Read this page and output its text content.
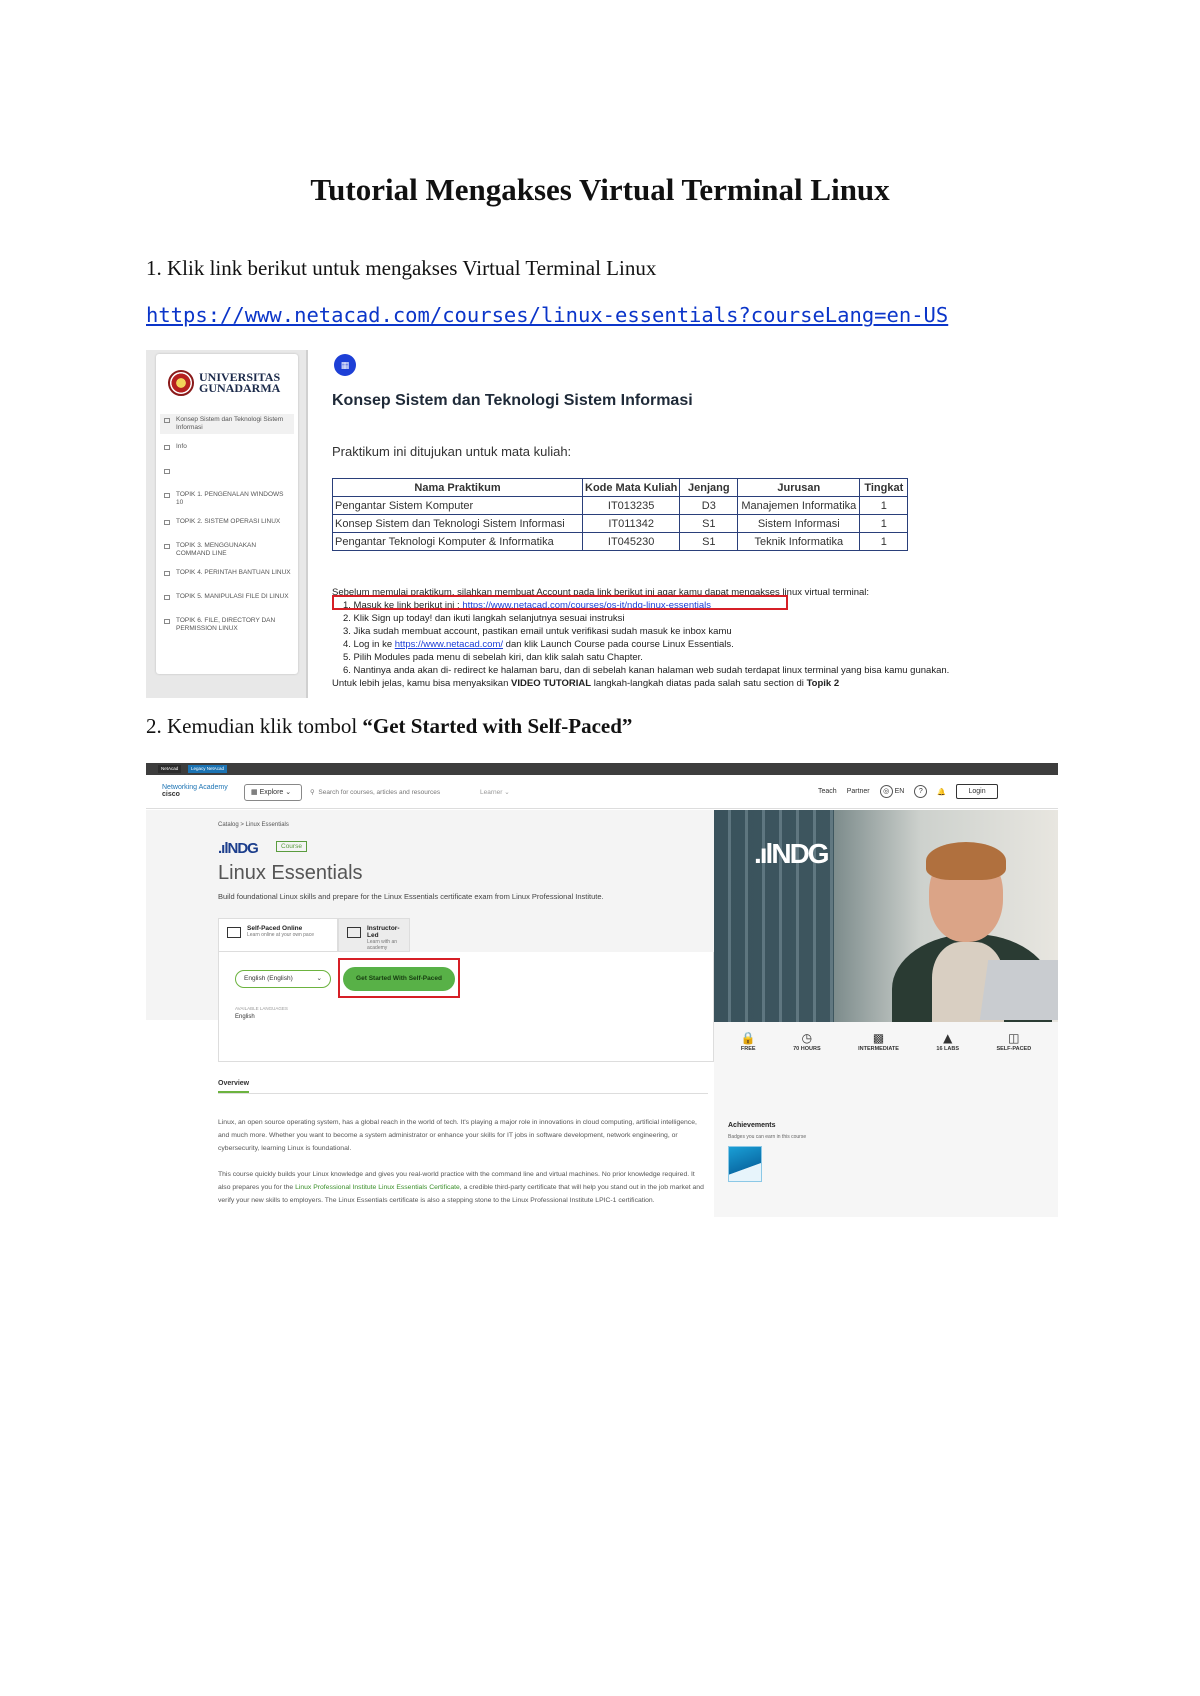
Tutorial Mengakses Virtual Terminal Linux

1. Klik link berikut untuk mengakses Virtual Terminal Linux

https://www.netacad.com/courses/linux-essentials?courseLang=en-US
UNIVERSITAS
GUNADARMA
Konsep Sistem dan Teknologi Sistem Informasi
Info
TOPIK 1. PENGENALAN WINDOWS 10
TOPIK 2. SISTEM OPERASI LINUX
TOPIK 3. MENGGUNAKAN COMMAND LINE
TOPIK 4. PERINTAH BANTUAN LINUX
TOPIK 5. MANIPULASI FILE DI LINUX
TOPIK 6. FILE, DIRECTORY DAN PERMISSION LINUX
▦
Konsep Sistem dan Teknologi Sistem Informasi

Praktikum ini ditujukan untuk mata kuliah:

Nama Praktikum	Kode Mata Kuliah	Jenjang	Jurusan	Tingkat
Pengantar Sistem Komputer	IT013235	D3	Manajemen Informatika	1
Konsep Sistem dan Teknologi Sistem Informasi	IT011342	S1	Sistem Informasi	1
Pengantar Teknologi Komputer & Informatika	IT045230	S1	Teknik Informatika	1
Sebelum memulai praktikum, silahkan membuat Account pada link berikut ini agar kamu dapat mengakses linux virtual terminal:
1. Masuk ke link berikut ini : https://www.netacad.com/courses/os-it/ndg-linux-essentials
2. Klik Sign up today! dan ikuti langkah selanjutnya sesuai instruksi
3. Jika sudah membuat account, pastikan email untuk verifikasi sudah masuk ke inbox kamu
4. Log in ke https://www.netacad.com/ dan klik Launch Course pada course Linux Essentials.
5. Pilih Modules pada menu di sebelah kiri, dan klik salah satu Chapter.
6. Nantinya anda akan di- redirect ke halaman baru, dan di sebelah kanan halaman web sudah terdapat linux terminal yang bisa kamu gunakan.
Untuk lebih jelas, kamu bisa menyaksikan VIDEO TUTORIAL langkah-langkah diatas pada salah satu section di Topik 2

2. Kemudian klik tombol “Get Started with Self-Paced”

NetAcad	Legacy NetAcad
Networking Academy
cisco	▦ Explore ⌄	⚲ Search for courses, articles and resources	Learner ⌄	Teach Partner	◎ EN	?	🔔	Login
Catalog > Linux Essentials
.ılNDG	Course
Linux Essentials

Build foundational Linux skills and prepare for the Linux Essentials certificate exam from Linux Professional Institute.

Self-Paced Online
Learn online at your own pace
Instructor-Led
Learn with an academy
English (English)	⌄	Get Started With Self-Paced
AVAILABLE LANGUAGES
English
Overview

Linux, an open source operating system, has a global reach in the world of tech. It's playing a major role in innovations in cloud computing, artificial intelligence, and much more. Whether you want to become a system administrator or enhance your skills for IT jobs in software development, network engineering, or cybersecurity, learning Linux is foundational.

This course quickly builds your Linux knowledge and gives you real-world practice with the command line and virtual machines. No prior knowledge required. It also prepares you for the Linux Professional Institute Linux Essentials Certificate, a credible third-party certificate that will help you stand out in the job market and verify your new skills to employers. The Linux Essentials certificate is also a stepping stone to the Linux Professional Institute LPIC-1 certification.

.ılNDG
🔒
FREE
◷
70 HOURS
▩
INTERMEDIATE
▲
16 LABS
◫
SELF-PACED
Achievements
Badges you can earn in this course
